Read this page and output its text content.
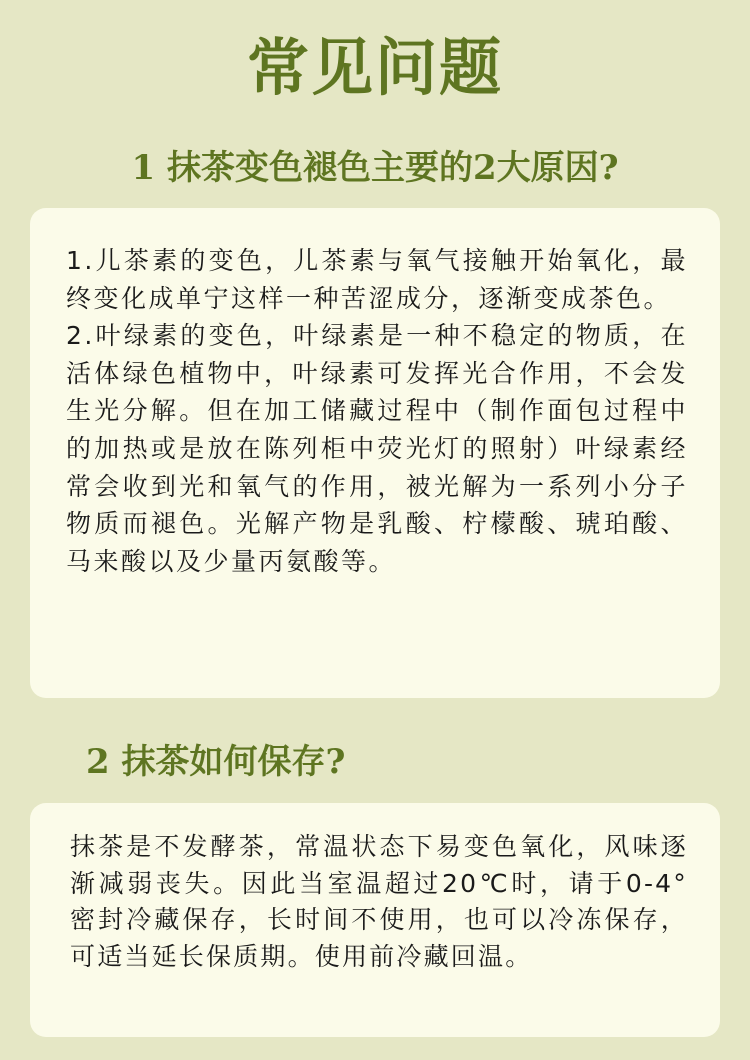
常见问题
1 抹茶变色褪色主要的2大原因?

1.儿茶素的变色，儿茶素与氧气接触开始氧化，最终变化成单宁这样一种苦涩成分，逐渐变成茶色。

2.叶绿素的变色，叶绿素是一种不稳定的物质，在活体绿色植物中，叶绿素可发挥光合作用，不会发生光分解。但在加工储藏过程中（制作面包过程中的加热或是放在陈列柜中荧光灯的照射）叶绿素经常会收到光和氧气的作用，被光解为一系列小分子物质而褪色。光解产物是乳酸、柠檬酸、琥珀酸、马来酸以及少量丙氨酸等。

2 抹茶如何保存?

抹茶是不发酵茶，常温状态下易变色氧化，风味逐渐减弱丧失。因此当室温超过20℃时，请于0-4°密封冷藏保存，长时间不使用，也可以冷冻保存，可适当延长保质期。使用前冷藏回温。
